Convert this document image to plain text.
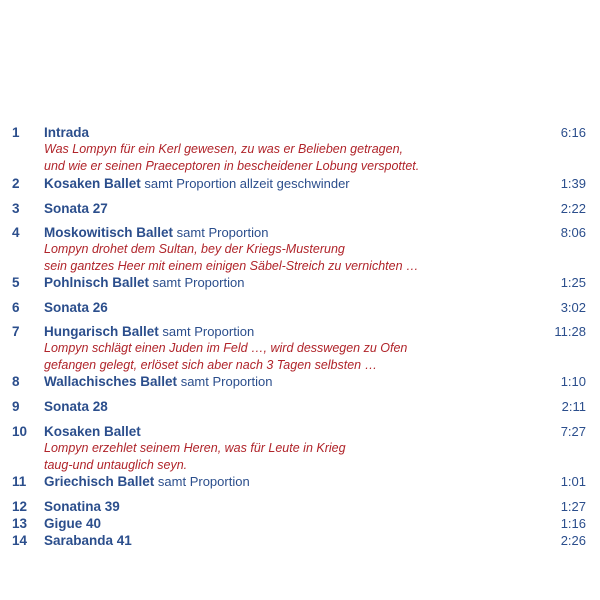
1 Intrada	6:16
Was Lompyn für ein Kerl gewesen, zu was er Belieben getragen,
und wie er seinen Praeceptoren in bescheidener Lobung verspottet.
2 Kosaken Ballet samt Proportion allzeit geschwinder	1:39
3 Sonata 27	2:22
4 Moskowitisch Ballet samt Proportion	8:06
Lompyn drohet dem Sultan, bey der Kriegs-Musterung
sein gantzes Heer mit einem einigen Säbel-Streich zu vernichten …
5 Pohlnisch Ballet samt Proportion	1:25
6 Sonata 26	3:02
7 Hungarisch Ballet samt Proportion	11:28
Lompyn schlägt einen Juden im Feld …, wird desswegen zu Ofen
gefangen gelegt, erlöset sich aber nach 3 Tagen selbsten …
8 Wallachisches Ballet samt Proportion	1:10
9 Sonata 28	2:11
10 Kosaken Ballet	7:27
Lompyn erzehlet seinem Heren, was für Leute in Krieg
taug-und untauglich seyn.
11 Griechisch Ballet samt Proportion	1:01
12 Sonatina 39	1:27
13 Gigue 40	1:16
14 Sarabanda 41	2:26
